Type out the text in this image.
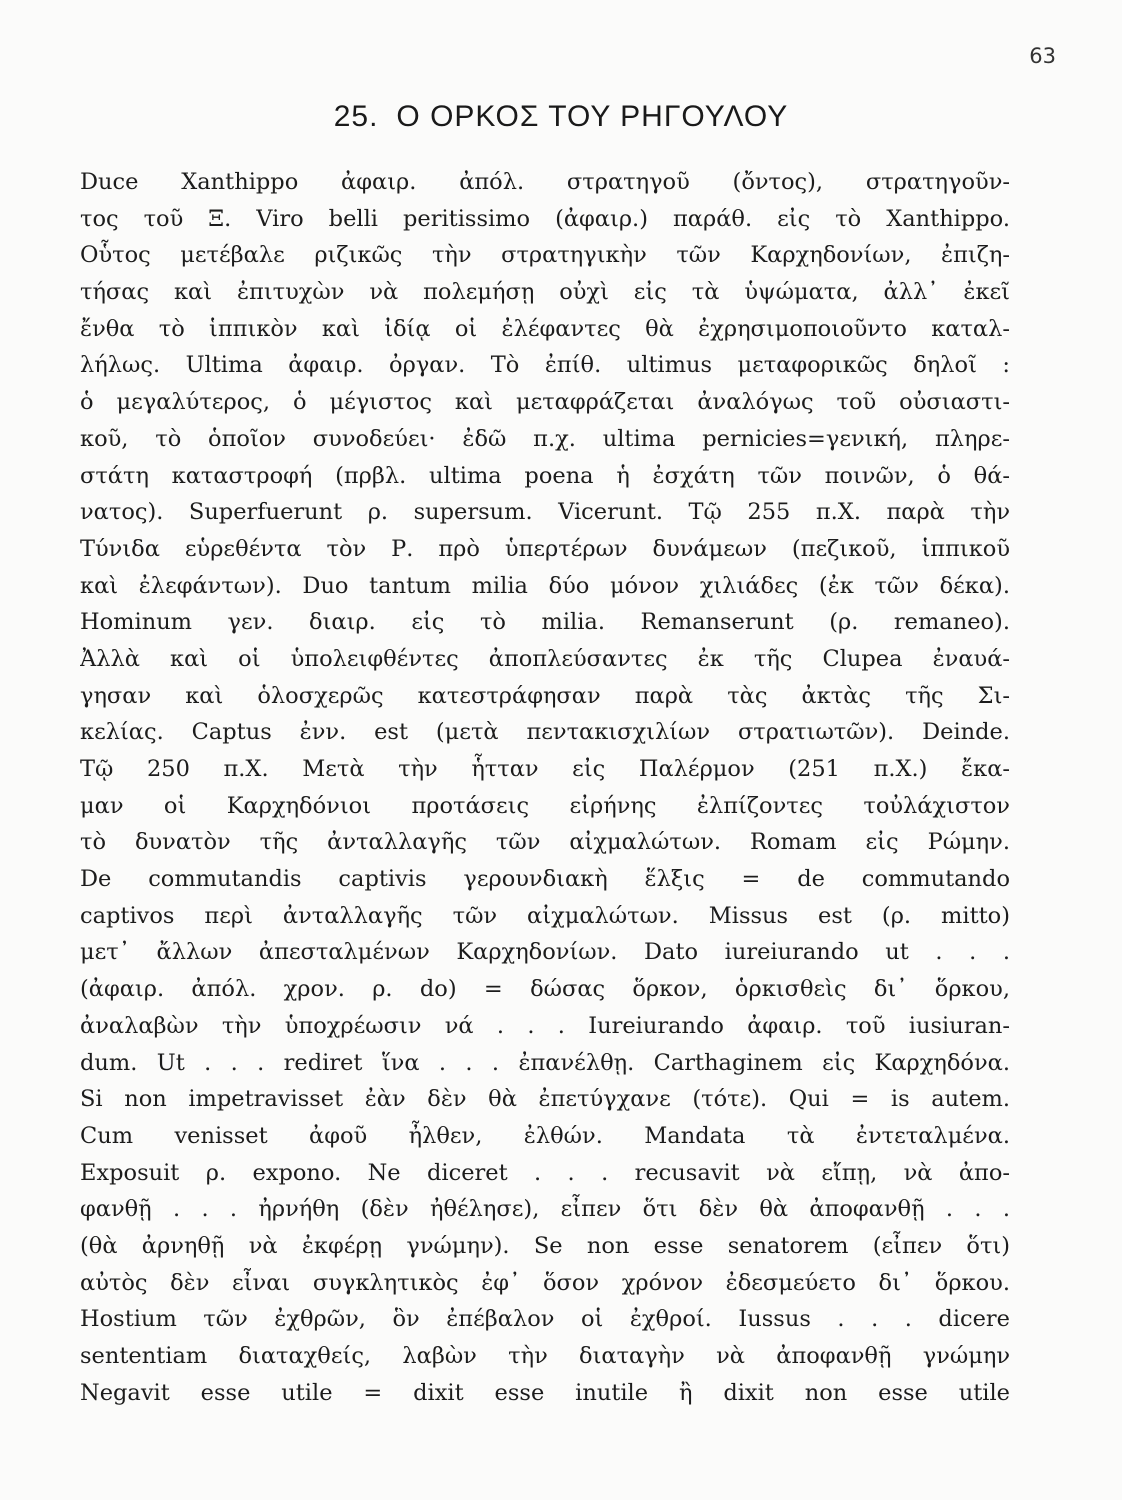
63
25. Ο ΟΡΚΟΣ ΤΟΥ ΡΗΓΟΥΛΟΥ
Duce Xanthippo ἀφαιρ. ἀπόλ. στρατηγοῦ (ὄντος), στρατηγοῦν-
τος τοῦ Ξ. Viro belli peritissimo (ἀφαιρ.) παράθ. εἰς τὸ Xanthippo.
Οὗτος μετέβαλε ριζικῶς τὴν στρατηγικὴν τῶν Καρχηδονίων, ἐπιζη-
τήσας καὶ ἐπιτυχὼν νὰ πολεμήσῃ οὐχὶ εἰς τὰ ὑψώματα, ἀλλ᾽ ἐκεῖ
ἔνθα τὸ ἱππικὸν καὶ ἰδίᾳ οἱ ἐλέφαντες θὰ ἐχρησιμοποιοῦντο καταλ-
λήλως. Ultima ἀφαιρ. ὀργαν. Τὸ ἐπίθ. ultimus μεταφορικῶς δηλοῖ :
ὁ μεγαλύτερος, ὁ μέγιστος καὶ μεταφράζεται ἀναλόγως τοῦ οὐσιαστι-
κοῦ, τὸ ὁποῖον συνοδεύει· ἐδῶ π.χ. ultima pernicies=γενική, πληρε-
στάτη καταστροφή (πρβλ. ultima poena ἡ ἐσχάτη τῶν ποινῶν, ὁ θά-
νατος). Superfuerunt ρ. supersum. Vicerunt. Τῷ 255 π.Χ. παρὰ τὴν
Τύνιδα εὑρεθέντα τὸν Ρ. πρὸ ὑπερτέρων δυνάμεων (πεζικοῦ, ἱππικοῦ
καὶ ἐλεφάντων). Duo tantum milia δύο μόνον χιλιάδες (ἐκ τῶν δέκα).
Hominum γεν. διαιρ. εἰς τὸ milia. Remanserunt (ρ. remaneo).
Ἀλλὰ καὶ οἱ ὑπολειφθέντες ἀποπλεύσαντες ἐκ τῆς Clupea ἐναυά-
γησαν καὶ ὁλοσχερῶς κατεστράφησαν παρὰ τὰς ἀκτὰς τῆς Σι-
κελίας. Captus ἐνν. est (μετὰ πεντακισχιλίων στρατιωτῶν). Deinde.
Τῷ 250 π.Χ. Μετὰ τὴν ἧτταν εἰς Παλέρμον (251 π.Χ.) ἔκα-
μαν οἱ Καρχηδόνιοι προτάσεις εἰρήνης ἐλπίζοντες τοὐλάχιστον
τὸ δυνατὸν τῆς ἀνταλλαγῆς τῶν αἰχμαλώτων. Romam εἰς Ρώμην.
De commutandis captivis γερουνδιακὴ ἕλξις = de commutando
captivos περὶ ἀνταλλαγῆς τῶν αἰχμαλώτων. Missus est (ρ. mitto)
μετ᾽ ἄλλων ἀπεσταλμένων Καρχηδονίων. Dato iureiurando ut . . .
(ἀφαιρ. ἀπόλ. χρον. ρ. do) = δώσας ὅρκον, ὁρκισθεὶς δι᾽ ὅρκου,
ἀναλαβὼν τὴν ὑποχρέωσιν νά . . . Iureiurando ἀφαιρ. τοῦ iusiuran-
dum. Ut . . . rediret ἵνα . . . ἐπανέλθῃ. Carthaginem εἰς Καρχηδόνα.
Si non impetravisset ἐὰν δὲν θὰ ἐπετύγχανε (τότε). Qui = is autem.
Cum venisset ἀφοῦ ἦλθεν, ἐλθών. Mandata τὰ ἐντεταλμένα.
Exposuit ρ. expono. Ne diceret . . . recusavit νὰ εἴπῃ, νὰ ἀπο-
φανθῇ . . . ἠρνήθη (δὲν ἠθέλησε), εἶπεν ὅτι δὲν θὰ ἀποφανθῇ . . .
(θὰ ἀρνηθῇ νὰ ἐκφέρῃ γνώμην). Se non esse senatorem (εἶπεν ὅτι)
αὐτὸς δὲν εἶναι συγκλητικὸς ἐφ᾽ ὅσον χρόνον ἐδεσμεύετο δι᾽ ὅρκου.
Hostium τῶν ἐχθρῶν, ὃν ἐπέβαλον οἱ ἐχθροί. Iussus . . . dicere
sententiam διαταχθείς, λαβὼν τὴν διαταγὴν νὰ ἀποφανθῇ γνώμην
Negavit esse utile = dixit esse inutile ἢ dixit non esse utile
